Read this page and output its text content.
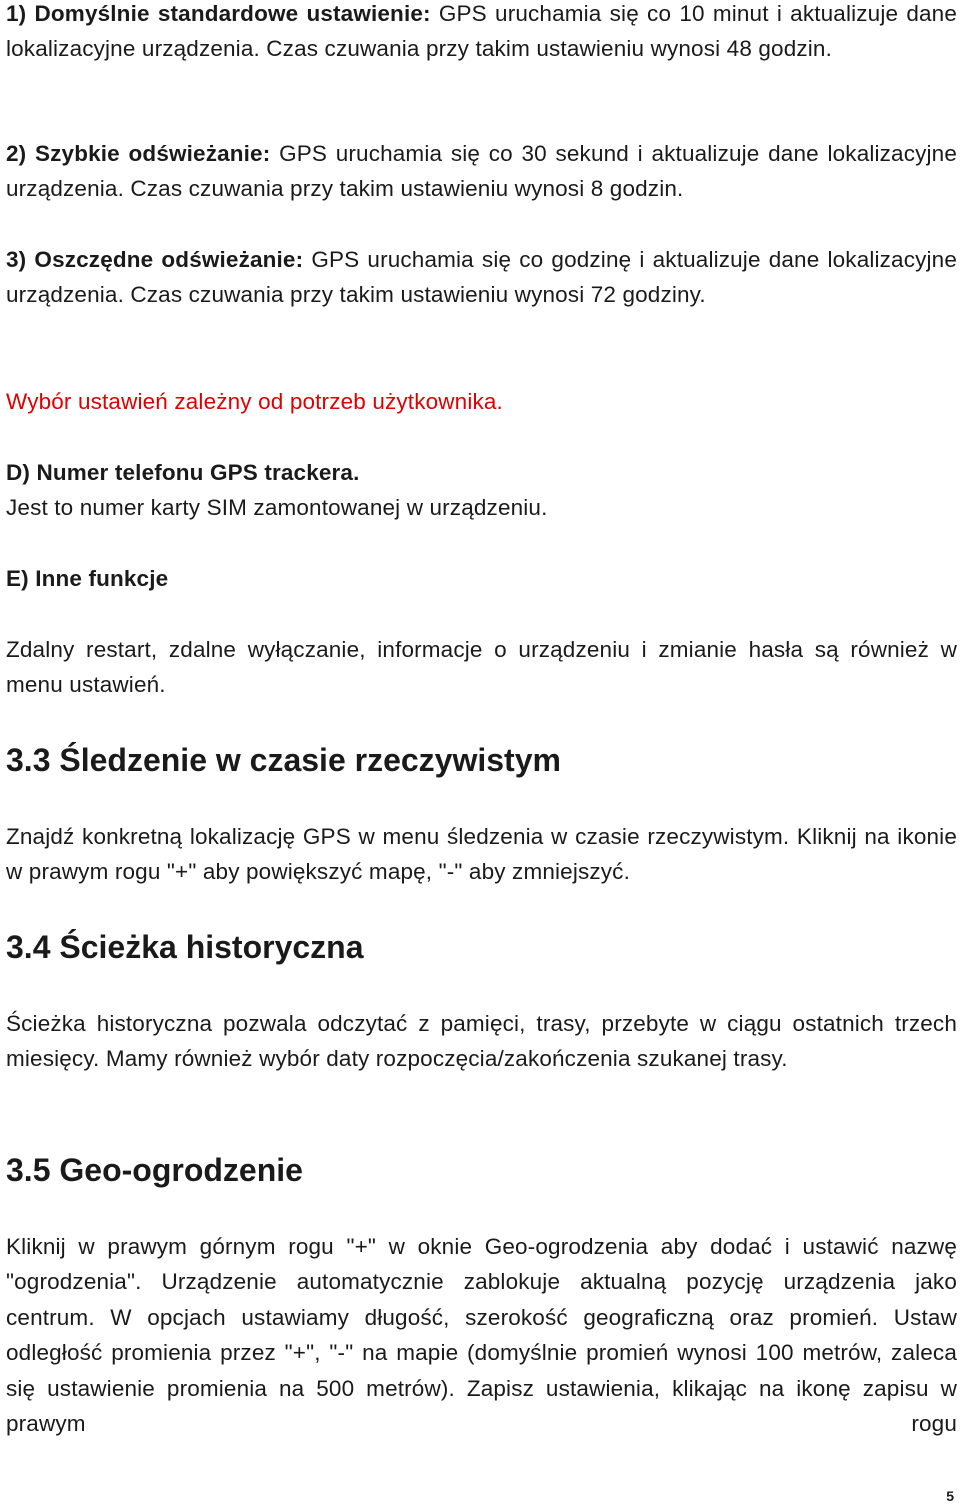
1) Domyślnie standardowe ustawienie: GPS uruchamia się co 10 minut i aktualizuje dane lokalizacyjne urządzenia. Czas czuwania przy takim ustawieniu wynosi 48 godzin.

2) Szybkie odświeżanie: GPS uruchamia się co 30 sekund i aktualizuje dane lokalizacyjne urządzenia. Czas czuwania przy takim ustawieniu wynosi 8 godzin.

3) Oszczędne odświeżanie: GPS uruchamia się co godzinę i aktualizuje dane lokalizacyjne urządzenia. Czas czuwania przy takim ustawieniu wynosi 72 godziny.

Wybór ustawień zależny od potrzeb użytkownika.

D) Numer telefonu GPS trackera.

Jest to numer karty SIM zamontowanej w urządzeniu.

E) Inne funkcje

Zdalny restart, zdalne wyłączanie, informacje o urządzeniu i zmianie hasła są również w menu ustawień.

3.3 Śledzenie w czasie rzeczywistym

Znajdź konkretną lokalizację GPS w menu śledzenia w czasie rzeczywistym. Kliknij na ikonie w prawym rogu "+" aby powiększyć mapę, "-" aby zmniejszyć.

3.4 Ścieżka historyczna

Ścieżka historyczna pozwala odczytać z pamięci, trasy, przebyte w ciągu ostatnich trzech miesięcy. Mamy również wybór daty rozpoczęcia/zakończenia szukanej trasy.

3.5 Geo-ogrodzenie

Kliknij w prawym górnym rogu "+" w oknie Geo-ogrodzenia aby dodać i ustawić nazwę "ogrodzenia". Urządzenie automatycznie zablokuje aktualną pozycję urządzenia jako centrum. W opcjach ustawiamy długość, szerokość geograficzną oraz promień. Ustaw odległość promienia przez "+", "-" na mapie (domyślnie promień wynosi 100 metrów, zaleca się ustawienie promienia na 500 metrów). Zapisz ustawienia, klikając na ikonę zapisu w prawym rogu

5
